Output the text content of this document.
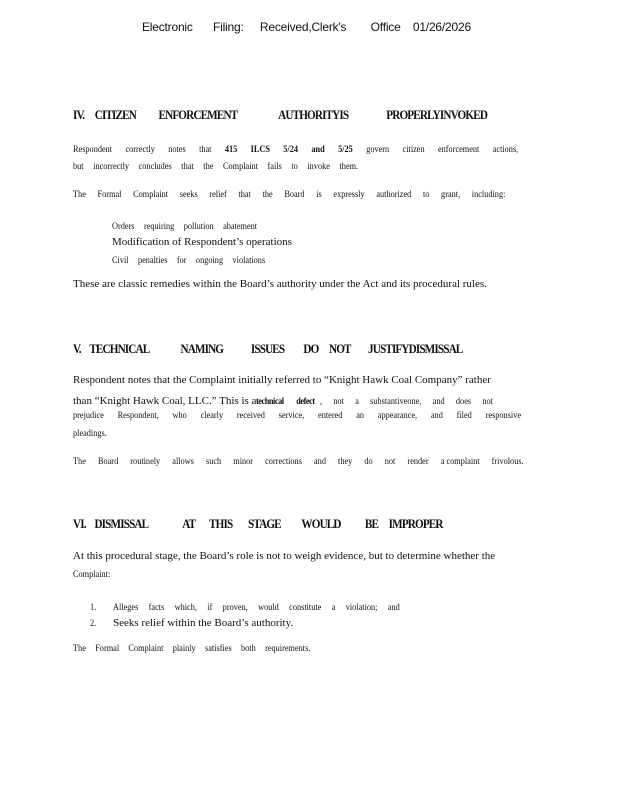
Electronic Filing: Received,Clerk's Office 01/26/2026
IV. CITIZEN ENFORCEMENT	AUTHORITYIS	PROPERLYINVOKED
Respondent correctly notes that 415 ILCS 5/24 and 5/25 govern citizen enforcement actions,
but incorrectly concludes that the Complaint fails to invoke them.
The Formal Complaint seeks relief that the Board is expressly authorized to grant, including:
Orders requiring pollution abatement
Modification of Respondent’s operations
Civil penalties for ongoing violations
These are classic remedies within the Board’s authority under the Act and its procedural rules.
V. TECHNICAL NAMING ISSUES DO NOT JUSTIFYDISMISSAL
Respondent notes that the Complaint initially referred to “Knight Hawk Coal Company” rather
than “Knight Hawk Coal, LLC.” This is atechnical defect , not a substantiveone, and does not
prejudice Respondent, who clearly received service, entered an appearance, and filed responsive
pleadings.
The Board routinely allows such minor corrections and they do not render a complaint frivolous.
VI. DISMISSAL	AT THIS STAGE WOULD BE IMPROPER
At this procedural stage, the Board’s role is not to weigh evidence, but to determine whether the
Complaint:
1. Alleges facts which, if proven, would constitute a violation; and
2. Seeks relief within the Board’s authority.
The Formal Complaint plainly satisfies both requirements.
